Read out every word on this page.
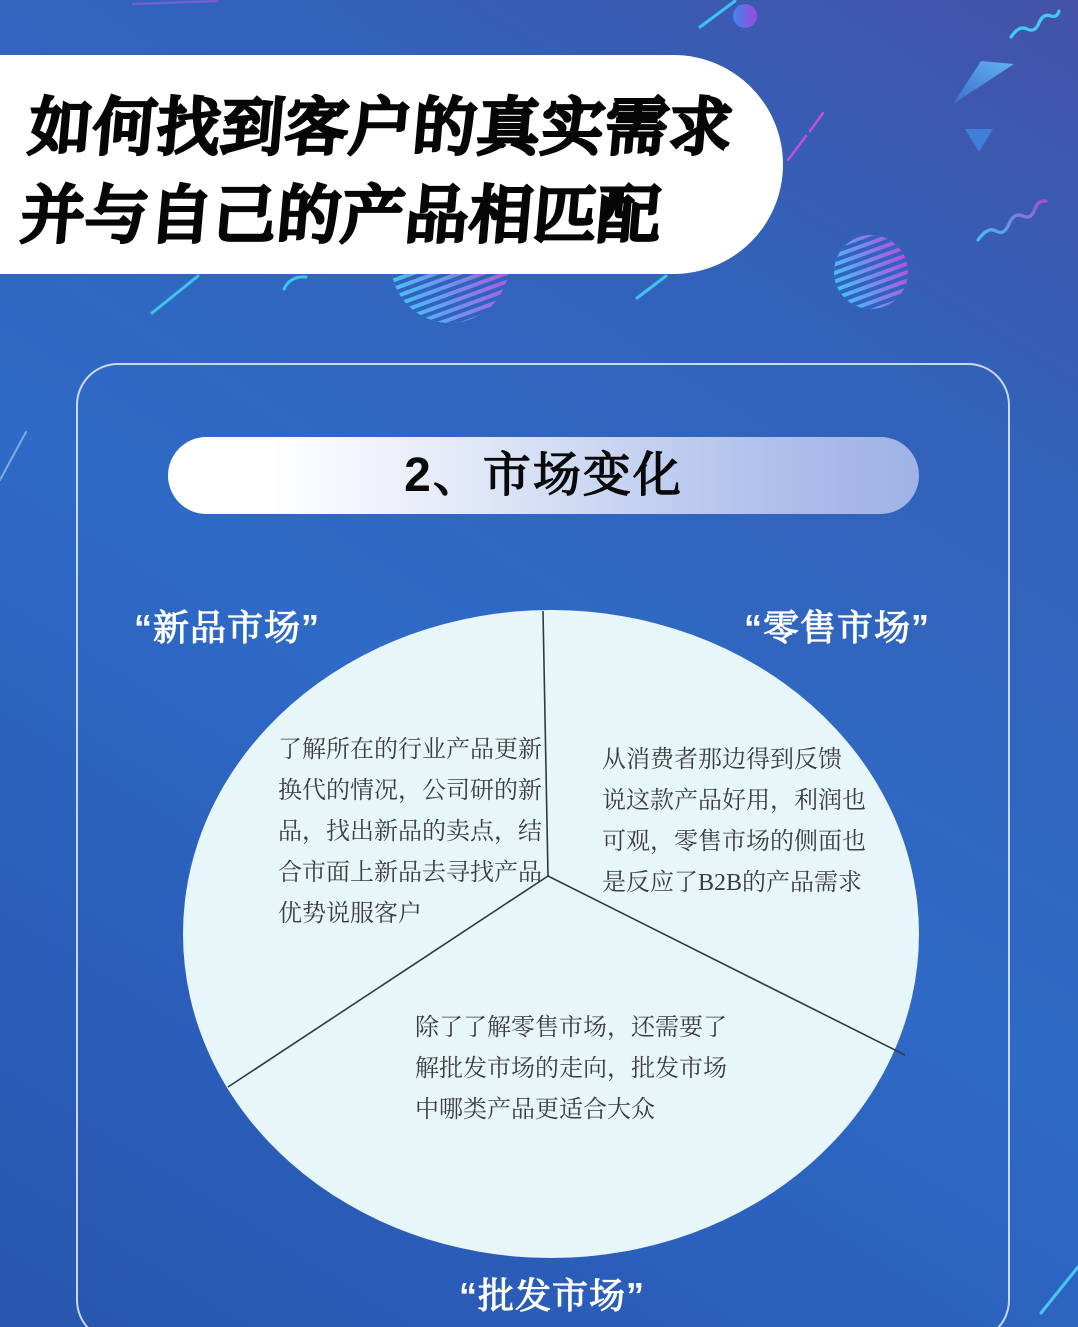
如何找到客户的真实需求
并与自己的产品相匹配
2、市场变化
“新品市场”	“零售市场”
“批发市场”
了解所在的行业产品更新
换代的情况，公司研的新
品，找出新品的卖点，结
合市面上新品去寻找产品
优势说服客户
从消费者那边得到反馈
说这款产品好用，利润也
可观，零售市场的侧面也
是反应了B2B的产品需求
除了了解零售市场，还需要了
解批发市场的走向，批发市场
中哪类产品更适合大众
